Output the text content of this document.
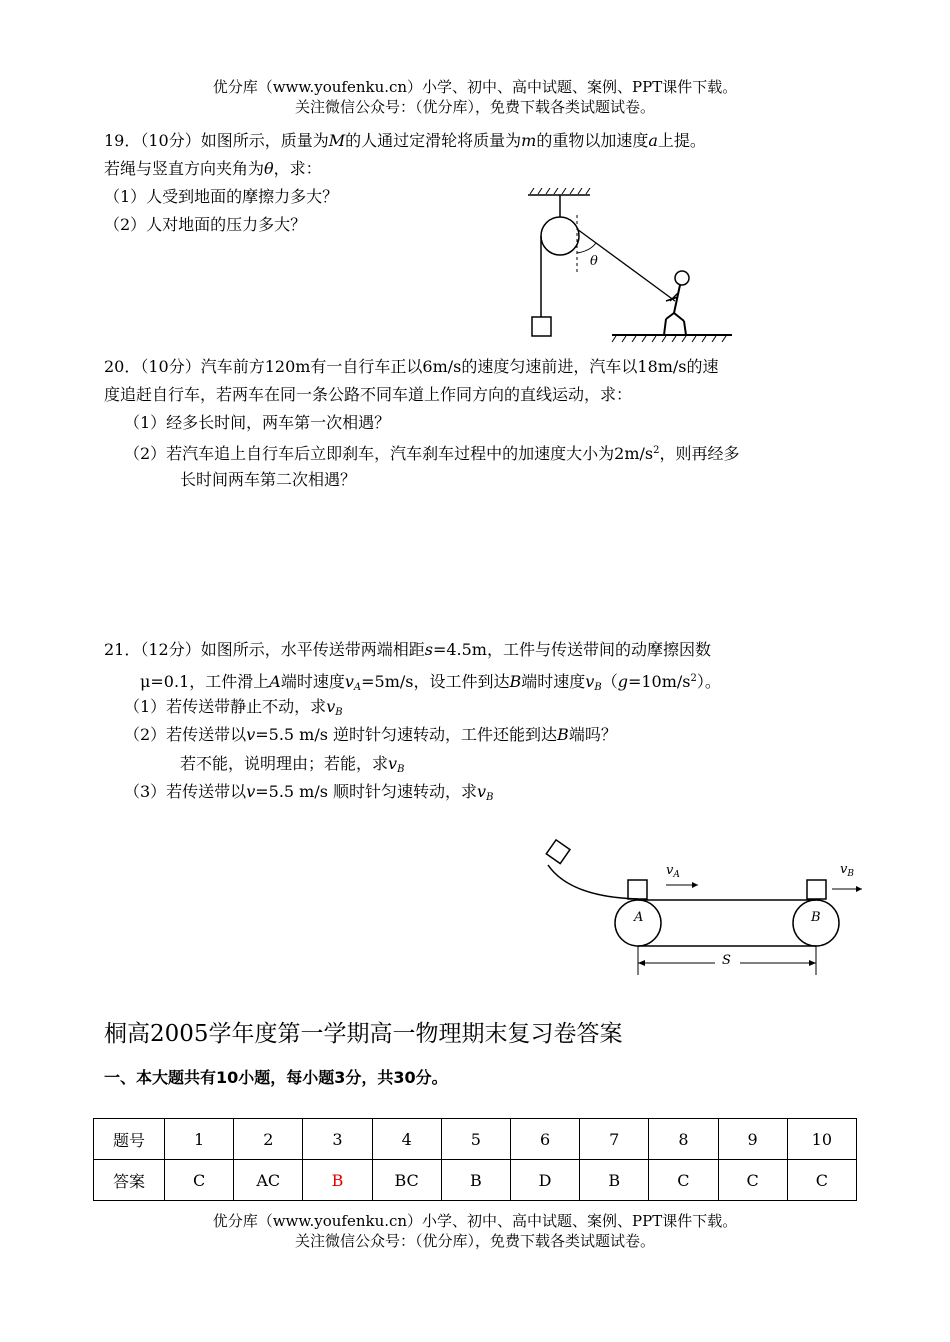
优分库（www.youfenku.cn）小学、初中、高中试题、案例、PPT课件下载。
关注微信公众号：（优分库），免费下载各类试题试卷。
19．（10分）如图所示，质量为M的人通过定滑轮将质量为m的重物以加速度a上提。
若绳与竖直方向夹角为θ，求：
（1）人受到地面的摩擦力多大？
（2）人对地面的压力多大？
θ
20．（10分）汽车前方120m有一自行车正以6m/s的速度匀速前进，汽车以18m/s的速
度追赶自行车，若两车在同一条公路不同车道上作同方向的直线运动，求：
（1）经多长时间，两车第一次相遇？
（2）若汽车追上自行车后立即刹车，汽车刹车过程中的加速度大小为$2m/s^2$，则再经多
长时间两车第二次相遇？
21．（12分）如图所示，水平传送带两端相距s=4.5m，工件与传送带间的动摩擦因数
μ=0.1，工件滑上A端时速度$v_A=5m/s$，设工件到达B端时速度$v_B(g=10m/s^2)$。
（1）若传送带静止不动，求$v_B$
（2）若传送带以v=5.5 m/s 逆时针匀速转动，工件还能到达B端吗？
若不能，说明理由；若能，求$v_B$
（3）若传送带以v=5.5 m/s 顺时针匀速转动，求$v_B$
A	B
$v_A$	$v_B$
S
桐高2005学年度第一学期高一物理期末复习卷答案
一、本大题共有10小题，每小题3分，共30分。
题号	1	2	3	4	5	6	7	8	9	10
答案	C	AC	B	BC	B	D	B	C	C	C
优分库（www.youfenku.cn）小学、初中、高中试题、案例、PPT课件下载。
关注微信公众号：（优分库），免费下载各类试题试卷。
